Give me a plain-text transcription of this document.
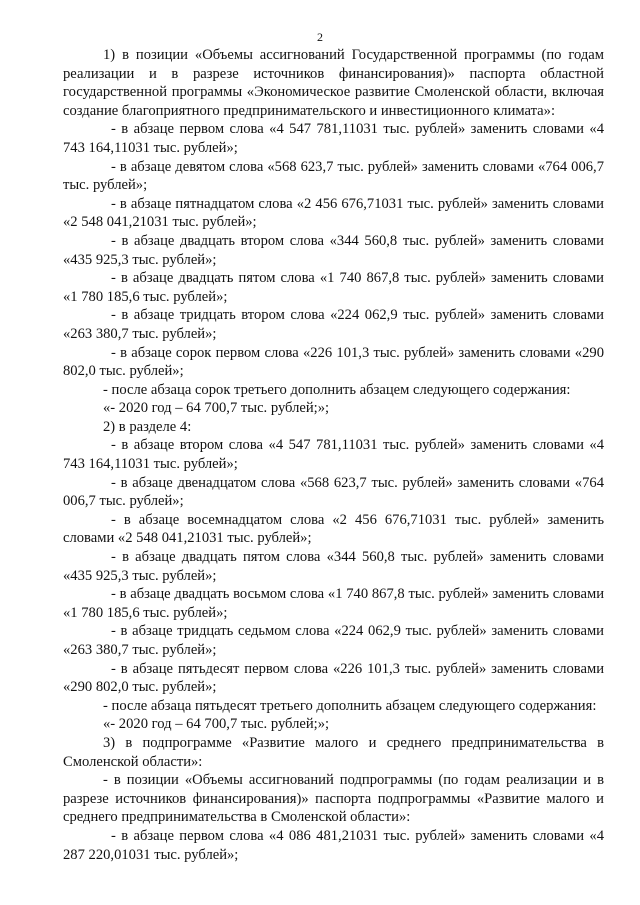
2

1) в позиции «Объемы ассигнований Государственной программы (по годам реализации и в разрезе источников финансирования)» паспорта областной государственной программы «Экономическое развитие Смоленской области, включая создание благоприятного предпринимательского и инвестиционного климата»:

- в абзаце первом слова «4 547 781,11031 тыс. рублей» заменить словами «4 743 164,11031 тыс. рублей»;

- в абзаце девятом слова «568 623,7 тыс. рублей» заменить словами «764 006,7 тыс. рублей»;

- в абзаце пятнадцатом слова «2 456 676,71031 тыс. рублей» заменить словами «2 548 041,21031 тыс. рублей»;

- в абзаце двадцать втором слова «344 560,8 тыс. рублей» заменить словами «435 925,3 тыс. рублей»;

- в абзаце двадцать пятом слова «1 740 867,8 тыс. рублей» заменить словами «1 780 185,6 тыс. рублей»;

- в абзаце тридцать втором слова «224 062,9 тыс. рублей» заменить словами «263 380,7 тыс. рублей»;

- в абзаце сорок первом слова «226 101,3 тыс. рублей» заменить словами «290 802,0 тыс. рублей»;

- после абзаца сорок третьего дополнить абзацем следующего содержания:

«- 2020 год – 64 700,7 тыс. рублей;»;

2) в разделе 4:

- в абзаце втором слова «4 547 781,11031 тыс. рублей» заменить словами «4 743 164,11031 тыс. рублей»;

- в абзаце двенадцатом слова «568 623,7 тыс. рублей» заменить словами «764 006,7 тыс. рублей»;

- в абзаце восемнадцатом слова «2 456 676,71031 тыс. рублей» заменить словами «2 548 041,21031 тыс. рублей»;

- в абзаце двадцать пятом слова «344 560,8 тыс. рублей» заменить словами «435 925,3 тыс. рублей»;

- в абзаце двадцать восьмом слова «1 740 867,8 тыс. рублей» заменить словами «1 780 185,6 тыс. рублей»;

- в абзаце тридцать седьмом слова «224 062,9 тыс. рублей» заменить словами «263 380,7 тыс. рублей»;

- в абзаце пятьдесят первом слова «226 101,3 тыс. рублей» заменить словами «290 802,0 тыс. рублей»;

- после абзаца пятьдесят третьего дополнить абзацем следующего содержания:

«- 2020 год – 64 700,7 тыс. рублей;»;

3) в подпрограмме «Развитие малого и среднего предпринимательства в Смоленской области»:

- в позиции «Объемы ассигнований подпрограммы (по годам реализации и в разрезе источников финансирования)» паспорта подпрограммы «Развитие малого и среднего предпринимательства в Смоленской области»:

- в абзаце первом слова «4 086 481,21031 тыс. рублей» заменить словами «4 287 220,01031 тыс. рублей»;
